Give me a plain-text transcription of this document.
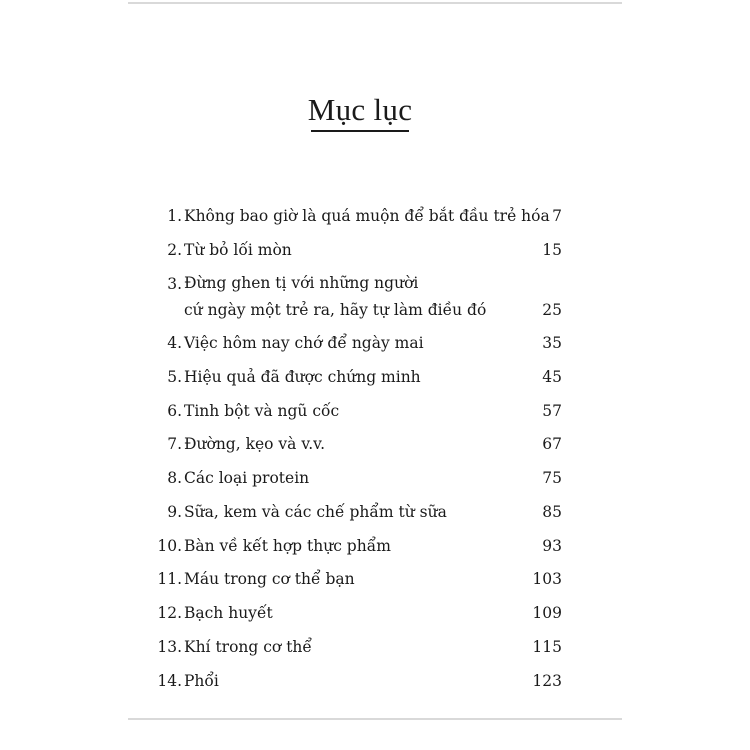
Mục lục
1. Không bao giờ là quá muộn để bắt đầu trẻ hóa 7
2. Từ bỏ lối mòn	15
3. Đừng ghen tị với những người
cứ ngày một trẻ ra, hãy tự làm điều đó	25
4. Việc hôm nay chớ để ngày mai	35
5. Hiệu quả đã được chứng minh	45
6. Tinh bột và ngũ cốc	57
7. Đường, kẹo và v.v.	67
8. Các loại protein	75
9. Sữa, kem và các chế phẩm từ sữa	85
10. Bàn về kết hợp thực phẩm	93
11. Máu trong cơ thể bạn	103
12. Bạch huyết	109
13. Khí trong cơ thể	115
14. Phổi	123
